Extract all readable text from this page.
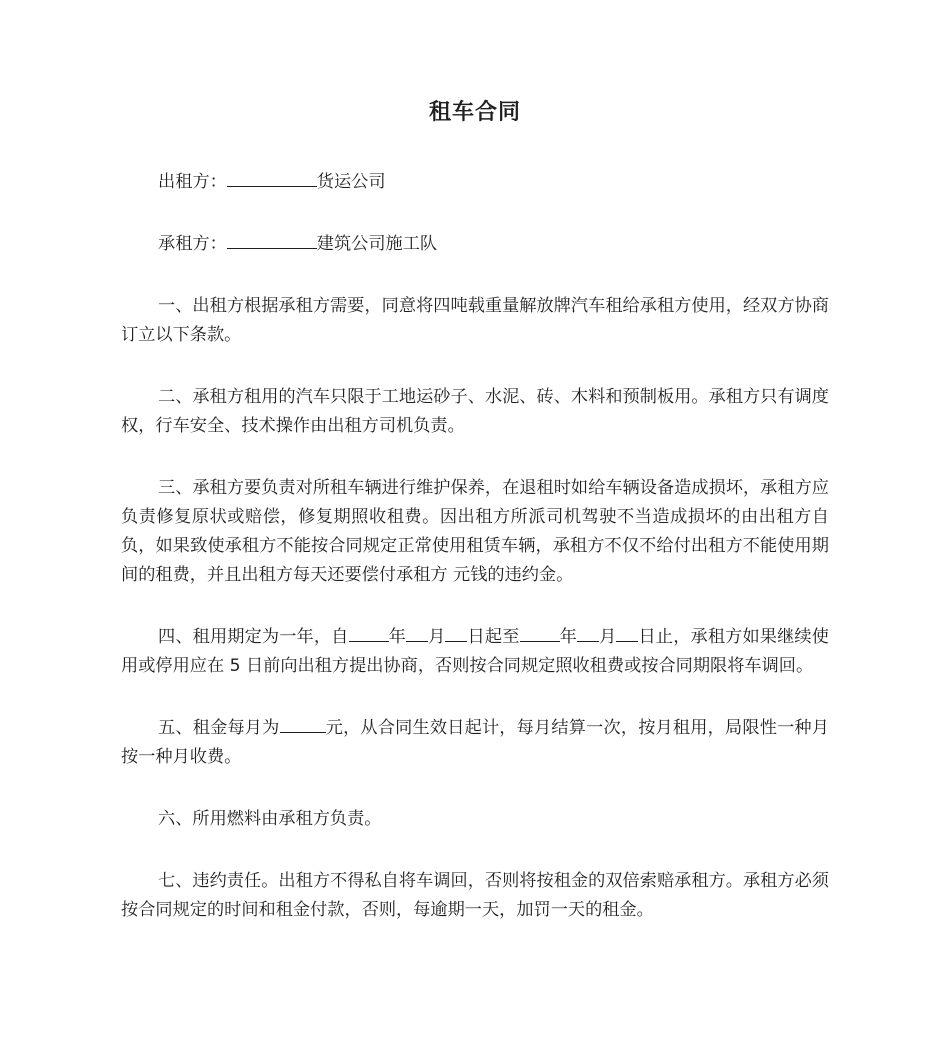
租车合同

出租方：	货运公司

承租方：	建筑公司施工队

一、出租方根据承租方需要，同意将四吨载重量解放牌汽车租给承租方使用，经双方协商订立以下条款。

二、承租方租用的汽车只限于工地运砂子、水泥、砖、木料和预制板用。承租方只有调度权，行车安全、技术操作由出租方司机负责。

三、承租方要负责对所租车辆进行维护保养，在退租时如给车辆设备造成损坏，承租方应负责修复原状或赔偿，修复期照收租费。因出租方所派司机驾驶不当造成损坏的由出租方自负，如果致使承租方不能按合同规定正常使用租赁车辆，承租方不仅不给付出租方不能使用期间的租费，并且出租方每天还要偿付承租方 元钱的违约金。

四、租用期定为一年，自 年 月 日起至 年 月 日止，承租方如果继续使用或停用应在 5 日前向出租方提出协商，否则按合同规定照收租费或按合同期限将车调回。

五、租金每月为	元，从合同生效日起计，每月结算一次，按月租用，局限性一种月按一种月收费。

六、所用燃料由承租方负责。

七、违约责任。出租方不得私自将车调回，否则将按租金的双倍索赔承租方。承租方必须按合同规定的时间和租金付款，否则，每逾期一天，加罚一天的租金。
